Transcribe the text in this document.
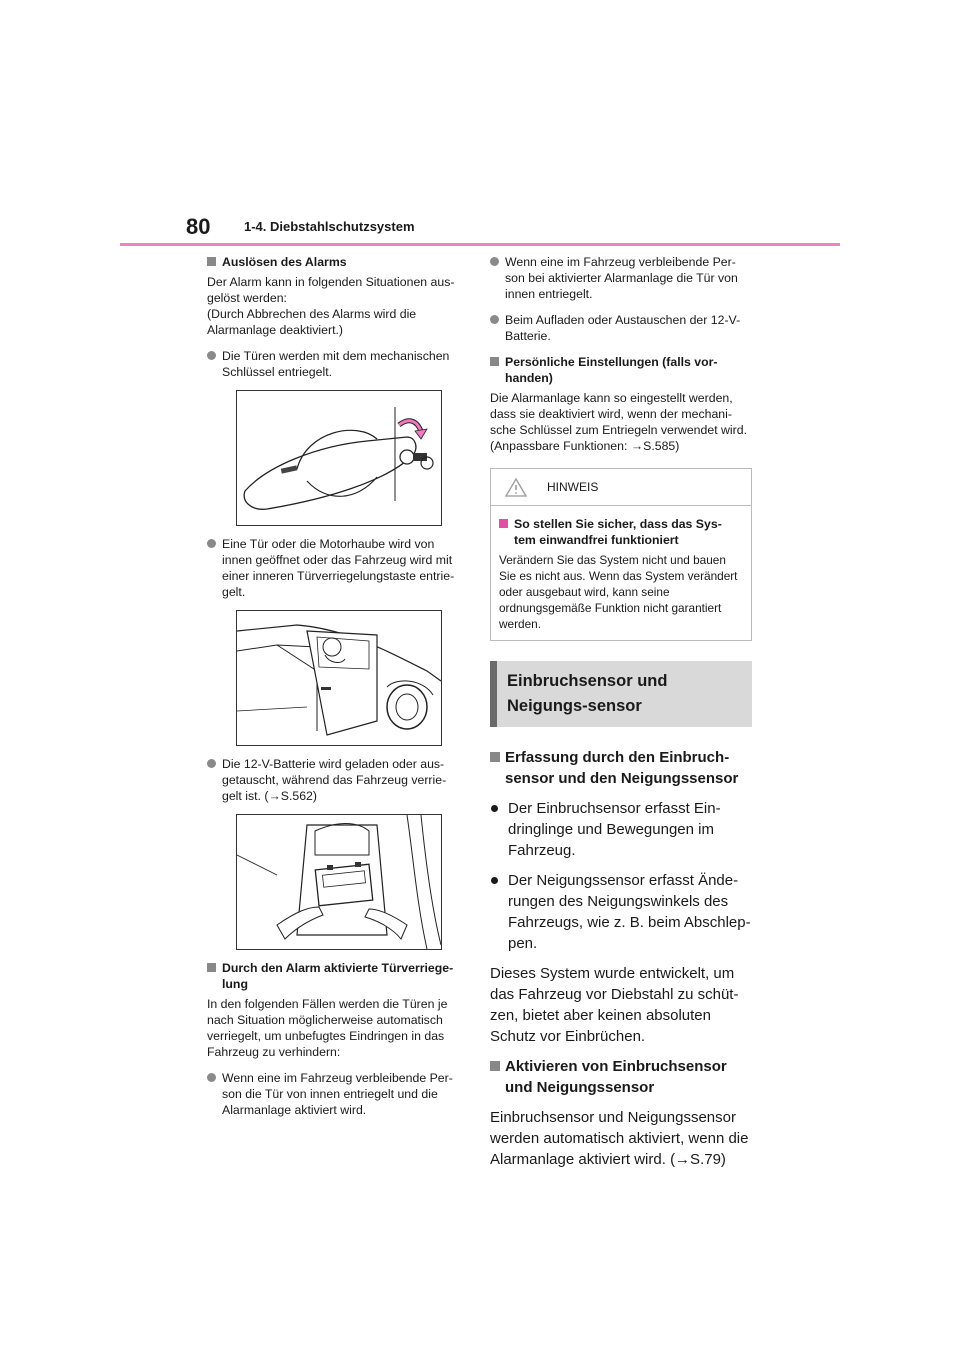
80	1-4. Diebstahlschutzsystem
Auslösen des Alarms
Der Alarm kann in folgenden Situationen aus-gelöst werden:
(Durch Abbrechen des Alarms wird die Alarmanlage deaktiviert.)
Die Türen werden mit dem mechanischen Schlüssel entriegelt.
Eine Tür oder die Motorhaube wird von innen geöffnet oder das Fahrzeug wird mit einer inneren Türverriegelungstaste entrie-gelt.
Die 12-V-Batterie wird geladen oder aus-getauscht, während das Fahrzeug verrie-gelt ist. (→S.562)
Durch den Alarm aktivierte Türverriege-lung
In den folgenden Fällen werden die Türen je nach Situation möglicherweise automatisch verriegelt, um unbefugtes Eindringen in das Fahrzeug zu verhindern:
Wenn eine im Fahrzeug verbleibende Per-son die Tür von innen entriegelt und die Alarmanlage aktiviert wird.
Wenn eine im Fahrzeug verbleibende Per-son bei aktivierter Alarmanlage die Tür von innen entriegelt.
Beim Aufladen oder Austauschen der 12-V-Batterie.
Persönliche Einstellungen (falls vor-handen)
Die Alarmanlage kann so eingestellt werden, dass sie deaktiviert wird, wenn der mechani-sche Schlüssel zum Entriegeln verwendet wird.
(Anpassbare Funktionen: →S.585)
HINWEIS
So stellen Sie sicher, dass das Sys-tem einwandfrei funktioniert
Verändern Sie das System nicht und bauen Sie es nicht aus. Wenn das System verändert oder ausgebaut wird, kann seine ordnungsgemäße Funktion nicht garantiert werden.
Einbruchsensor und Neigungs-sensor
Erfassung durch den Einbruch-sensor und den Neigungssensor
Der Einbruchsensor erfasst Ein-dringlinge und Bewegungen im Fahrzeug.
Der Neigungssensor erfasst Ände-rungen des Neigungswinkels des Fahrzeugs, wie z. B. beim Abschlep-pen.
Dieses System wurde entwickelt, um das Fahrzeug vor Diebstahl zu schüt-zen, bietet aber keinen absoluten Schutz vor Einbrüchen.
Aktivieren von Einbruchsensor und Neigungssensor
Einbruchsensor und Neigungssensor werden automatisch aktiviert, wenn die Alarmanlage aktiviert wird. (→S.79)
